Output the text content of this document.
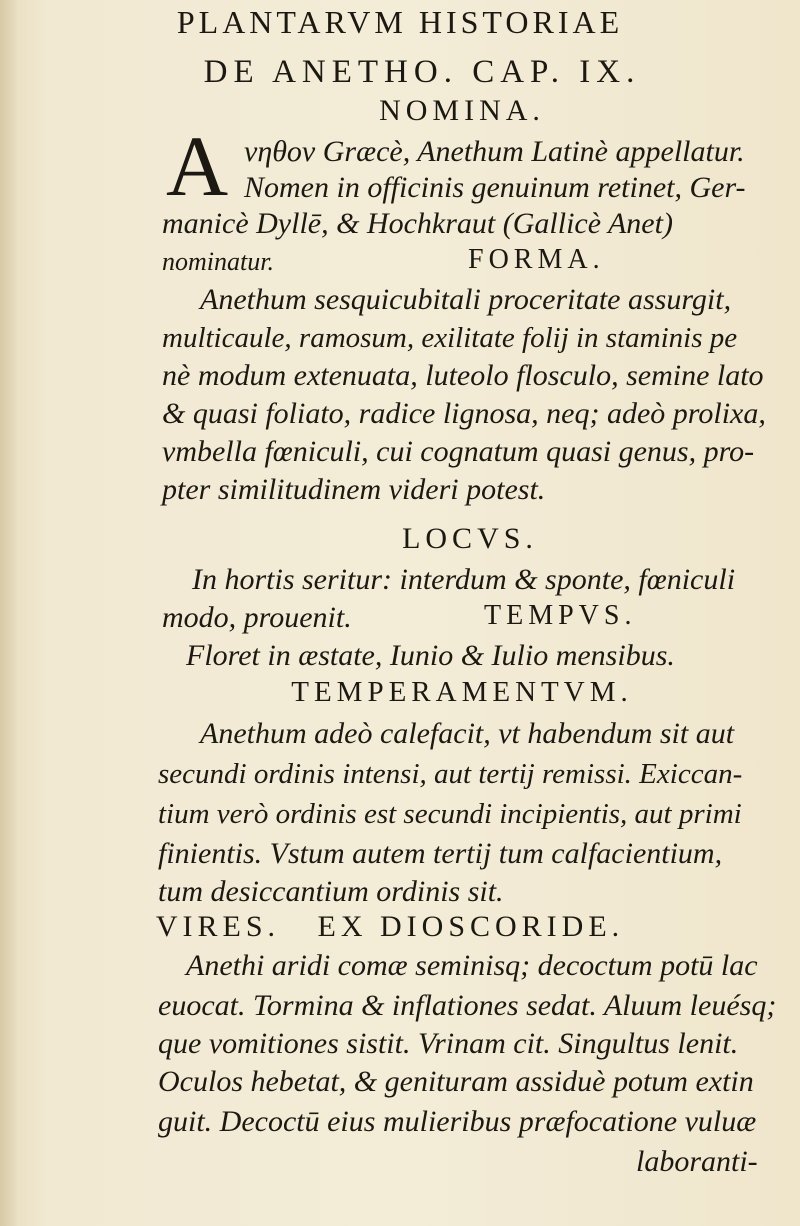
PLANTARVM HISTORIAE
DE ANETHO. CAP. IX.
NOMINA.
A νηθον Græcè, Anethum Latinè appellatur.
Nomen in officinis genuinum retinet, Ger-
manicè Dyllē, & Hochkraut (Gallicè Anet)
nominatur.	FORMA.
Anethum sesquicubitali proceritate assurgit,
multicaule, ramosum, exilitate folij in staminis pe
nè modum extenuata, luteolo flosculo, semine lato
& quasi foliato, radice lignosa, neq; adeò prolixa,
vmbella fœniculi, cui cognatum quasi genus, pro-
pter similitudinem videri potest.
LOCVS.
In hortis seritur: interdum & sponte, fœniculi
modo, prouenit.	TEMPVS.
Floret in æstate, Iunio & Iulio mensibus.
TEMPERAMENTVM.
Anethum adeò calefacit, vt habendum sit aut
secundi ordinis intensi, aut tertij remissi. Exiccan-
tium verò ordinis est secundi incipientis, aut primi
finientis. Vstum autem tertij tum calfacientium,
tum desiccantium ordinis sit.
VIRES.   EX DIOSCORIDE.
Anethi aridi comæ seminisq; decoctum potū lac
euocat. Tormina & inflationes sedat. Aluum leuésq;
que vomitiones sistit. Vrinam cit. Singultus lenit.
Oculos hebetat, & genituram assiduè potum extin
guit. Decoctū eius mulieribus præfocatione vuluæ
laboranti-
